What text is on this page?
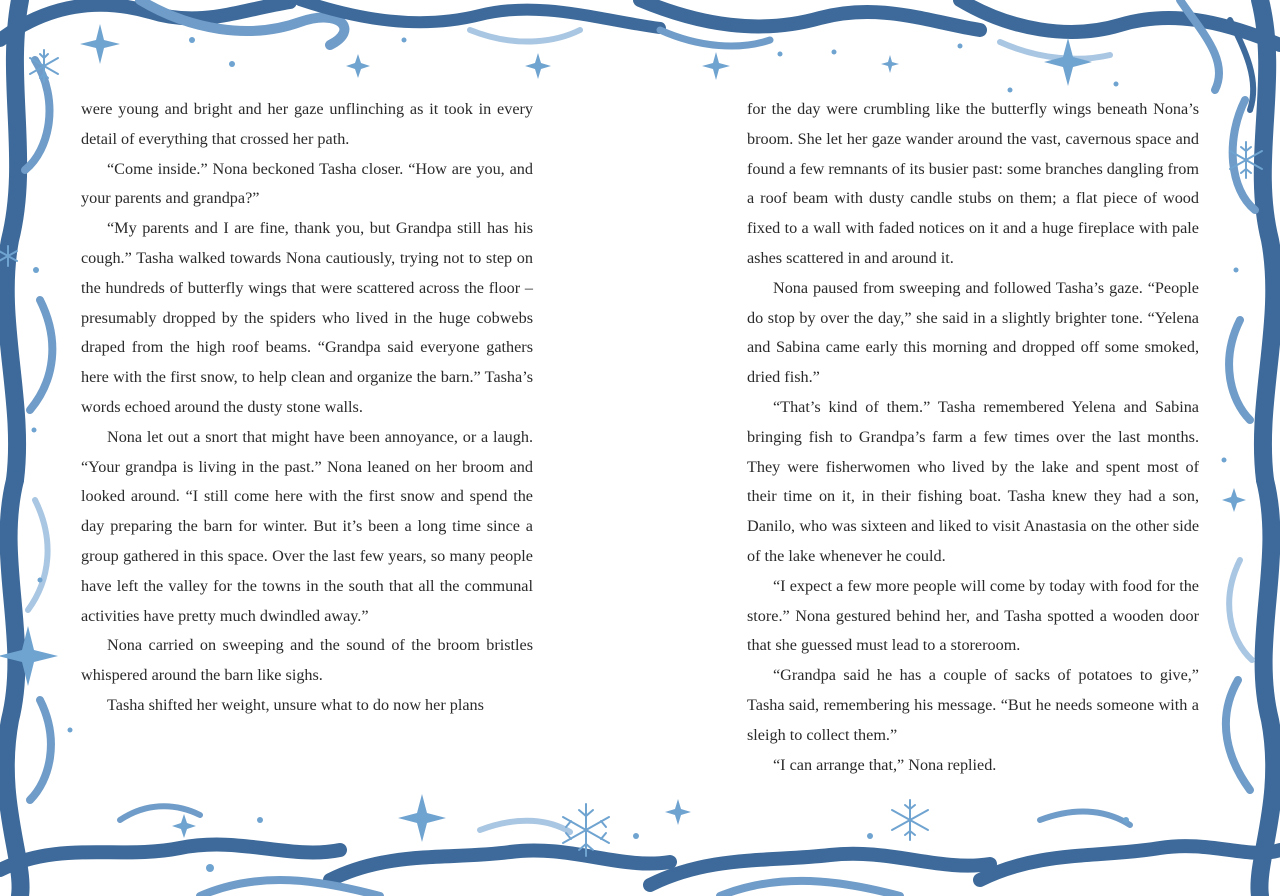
were young and bright and her gaze unflinching as it took in every detail of everything that crossed her path.

“Come inside.” Nona beckoned Tasha closer. “How are you, and your parents and grandpa?”

“My parents and I are fine, thank you, but Grandpa still has his cough.” Tasha walked towards Nona cautiously, trying not to step on the hundreds of butterfly wings that were scattered across the floor – presumably dropped by the spiders who lived in the huge cobwebs draped from the high roof beams. “Grandpa said everyone gathers here with the first snow, to help clean and organize the barn.” Tasha’s words echoed around the dusty stone walls.

Nona let out a snort that might have been annoyance, or a laugh. “Your grandpa is living in the past.” Nona leaned on her broom and looked around. “I still come here with the first snow and spend the day preparing the barn for winter. But it’s been a long time since a group gathered in this space. Over the last few years, so many people have left the valley for the towns in the south that all the communal activities have pretty much dwindled away.”

Nona carried on sweeping and the sound of the broom bristles whispered around the barn like sighs.

Tasha shifted her weight, unsure what to do now her plans

for the day were crumbling like the butterfly wings beneath Nona’s broom. She let her gaze wander around the vast, cavernous space and found a few remnants of its busier past: some branches dangling from a roof beam with dusty candle stubs on them; a flat piece of wood fixed to a wall with faded notices on it and a huge fireplace with pale ashes scattered in and around it.

Nona paused from sweeping and followed Tasha’s gaze. “People do stop by over the day,” she said in a slightly brighter tone. “Yelena and Sabina came early this morning and dropped off some smoked, dried fish.”

“That’s kind of them.” Tasha remembered Yelena and Sabina bringing fish to Grandpa’s farm a few times over the last months. They were fisherwomen who lived by the lake and spent most of their time on it, in their fishing boat. Tasha knew they had a son, Danilo, who was sixteen and liked to visit Anastasia on the other side of the lake whenever he could.

“I expect a few more people will come by today with food for the store.” Nona gestured behind her, and Tasha spotted a wooden door that she guessed must lead to a storeroom.

“Grandpa said he has a couple of sacks of potatoes to give,” Tasha said, remembering his message. “But he needs someone with a sleigh to collect them.”

“I can arrange that,” Nona replied.
